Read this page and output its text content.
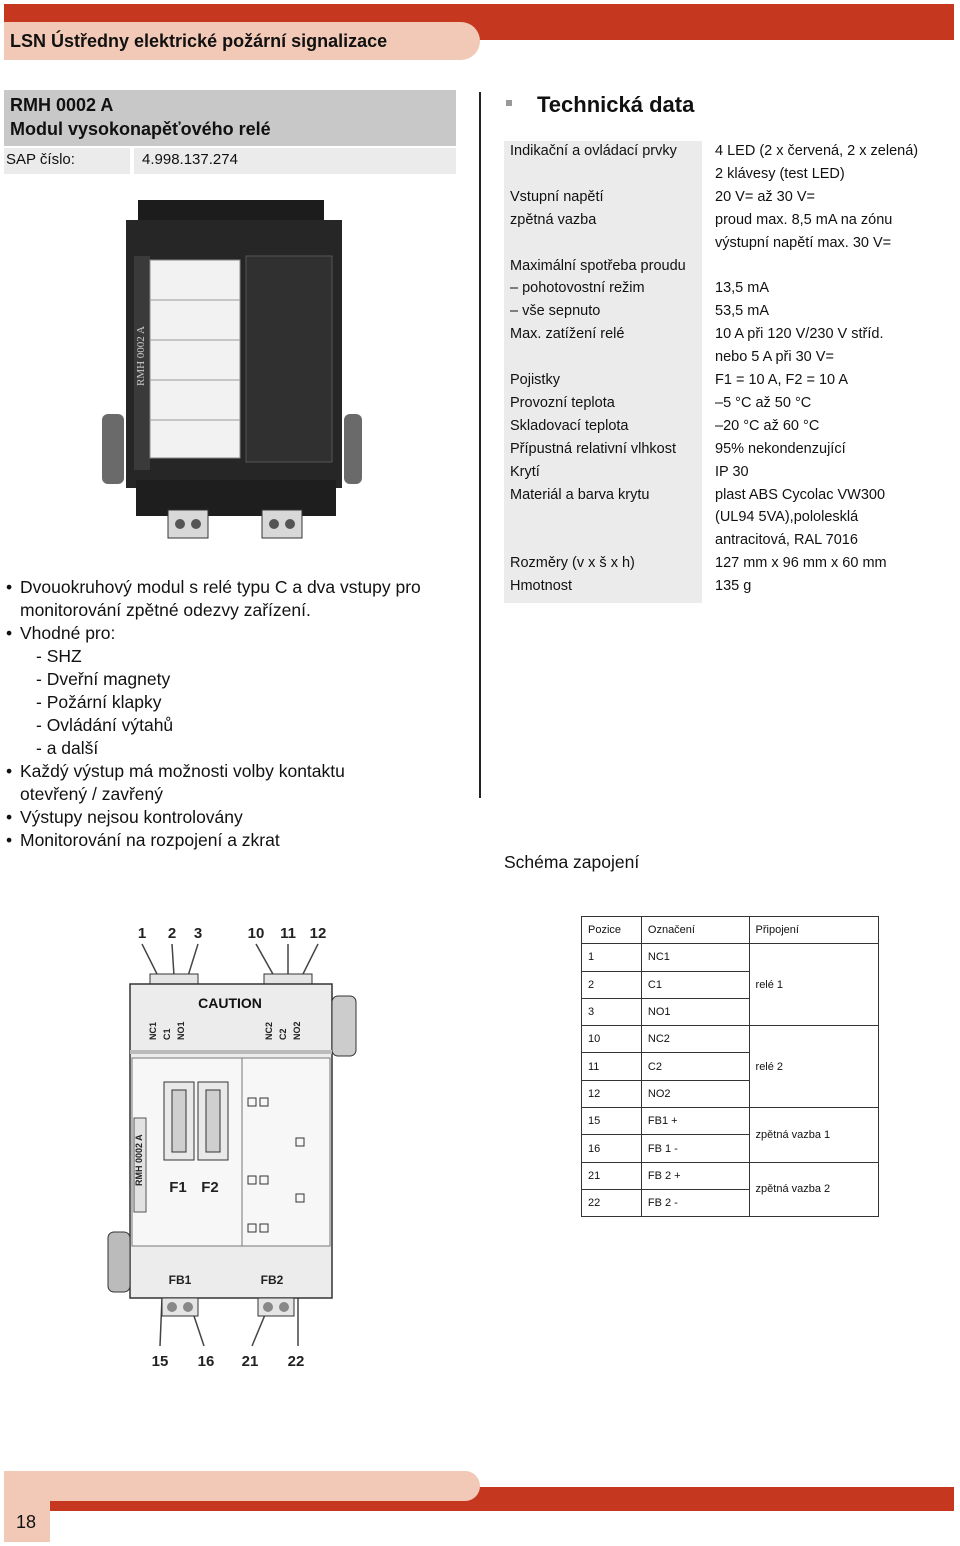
LSN Ústředny elektrické požární signalizace
RMH 0002 A
Modul vysokonapěťového relé
SAP číslo:	4.998.137.274
RMH 0002 A
• Dvouokruhový modul s relé typu C a dva vstupy pro
monitorování zpětné odezvy zařízení.
• Vhodné pro:
- SHZ
- Dveřní magnety
- Požární klapky
- Ovládání výtahů
- a další
• Každý výstup má možnosti volby kontaktu
otevřený / zavřený
• Výstupy nejsou kontrolovány
• Monitorování na rozpojení a zkrat
Technická data
Indikační a ovládací prvky	4 LED (2 x červená, 2 x zelená)
2 klávesy (test LED)
Vstupní napětí	20 V= až 30 V=
zpětná vazba	proud max. 8,5 mA na zónu
výstupní napětí max. 30 V=
Maximální spotřeba proudu
– pohotovostní režim	13,5 mA
– vše sepnuto	53,5 mA
Max. zatížení relé	10 A při 120 V/230 V stříd.
nebo 5 A při 30 V=
Pojistky	F1 = 10 A, F2 = 10 A
Provozní teplota	–5 °C až 50 °C
Skladovací teplota	–20 °C až 60 °C
Přípustná relativní vlhkost	95% nekondenzující
Krytí	IP 30
Materiál a barva krytu	plast ABS Cycolac VW300
(UL94 5VA),pololesklá
antracitová, RAL 7016
Rozměry (v x š x h)	127 mm x 96 mm x 60 mm
Hmotnost	135 g
Schéma zapojení
1 2 3	10 11 12
CAUTION
NC1 C1 NO1	NC2 C2 NO2
RMH 0002 A
F1 F2
FB1	FB2
15 16 21 22
Pozice	Označení	Připojení
1	NC1	relé 1
2	C1	
3	NO1	
10	NC2	relé 2
11	C2	
12	NO2	
15	FB1 +	zpětná vazba 1
16	FB 1 -	
21	FB 2 +	zpětná vazba 2
22	FB 2 -	
18
